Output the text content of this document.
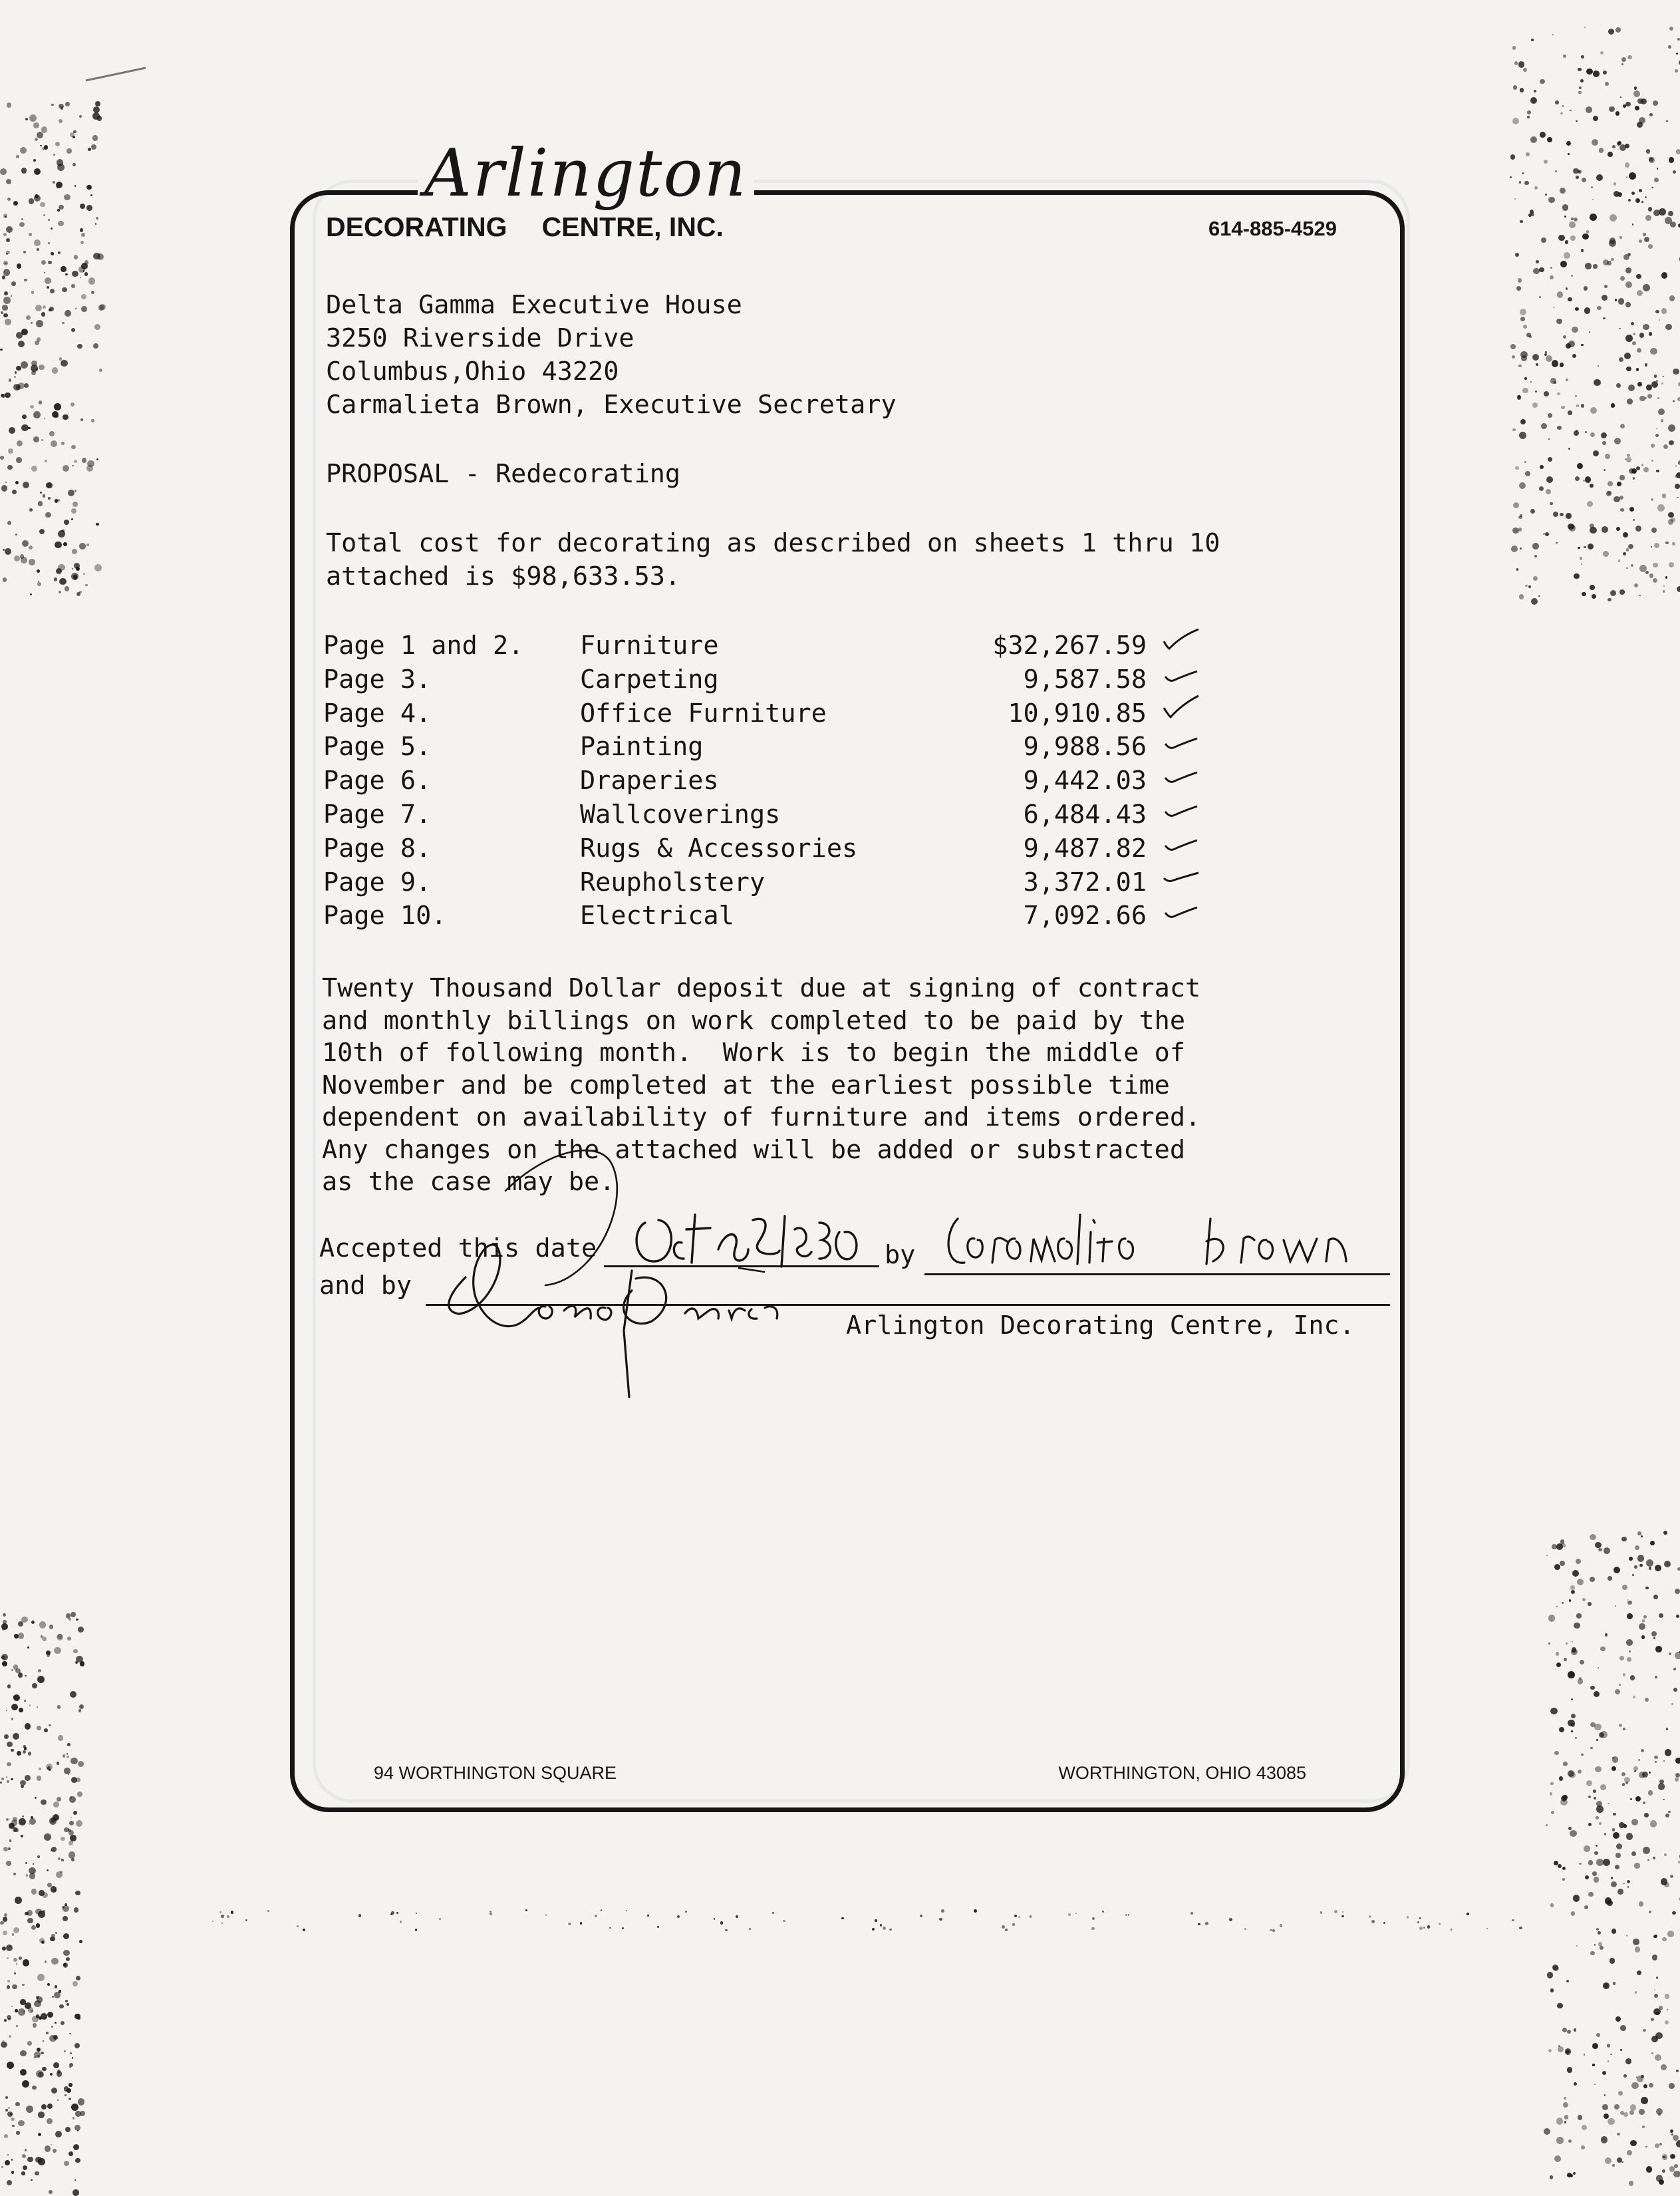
Arlington
DECORATING CENTRE, INC.	614-885-4529
Delta Gamma Executive House
3250 Riverside Drive
Columbus,Ohio 43220
Carmalieta Brown, Executive Secretary
PROPOSAL - Redecorating
Total cost for decorating as described on sheets 1 thru 10
attached is $98,633.53.
Page 1 and 2. Furniture	$32,267.59
Page 3.	Carpeting	9,587.58
Page 4.	Office Furniture	10,910.85
Page 5.	Painting	9,988.56
Page 6.	Draperies	9,442.03
Page 7.	Wallcoverings	6,484.43
Page 8.	Rugs & Accessories	9,487.82
Page 9.	Reupholstery	3,372.01
Page 10.	Electrical	7,092.66
Twenty Thousand Dollar deposit due at signing of contract
and monthly billings on work completed to be paid by the
10th of following month.  Work is to begin the middle of
November and be completed at the earliest possible time
dependent on availability of furniture and items ordered.
Any changes on the attached will be added or substracted
as the case may be.
Accepted this date
and by
by
Arlington Decorating Centre, Inc.
94 WORTHINGTON SQUARE	WORTHINGTON, OHIO 43085
